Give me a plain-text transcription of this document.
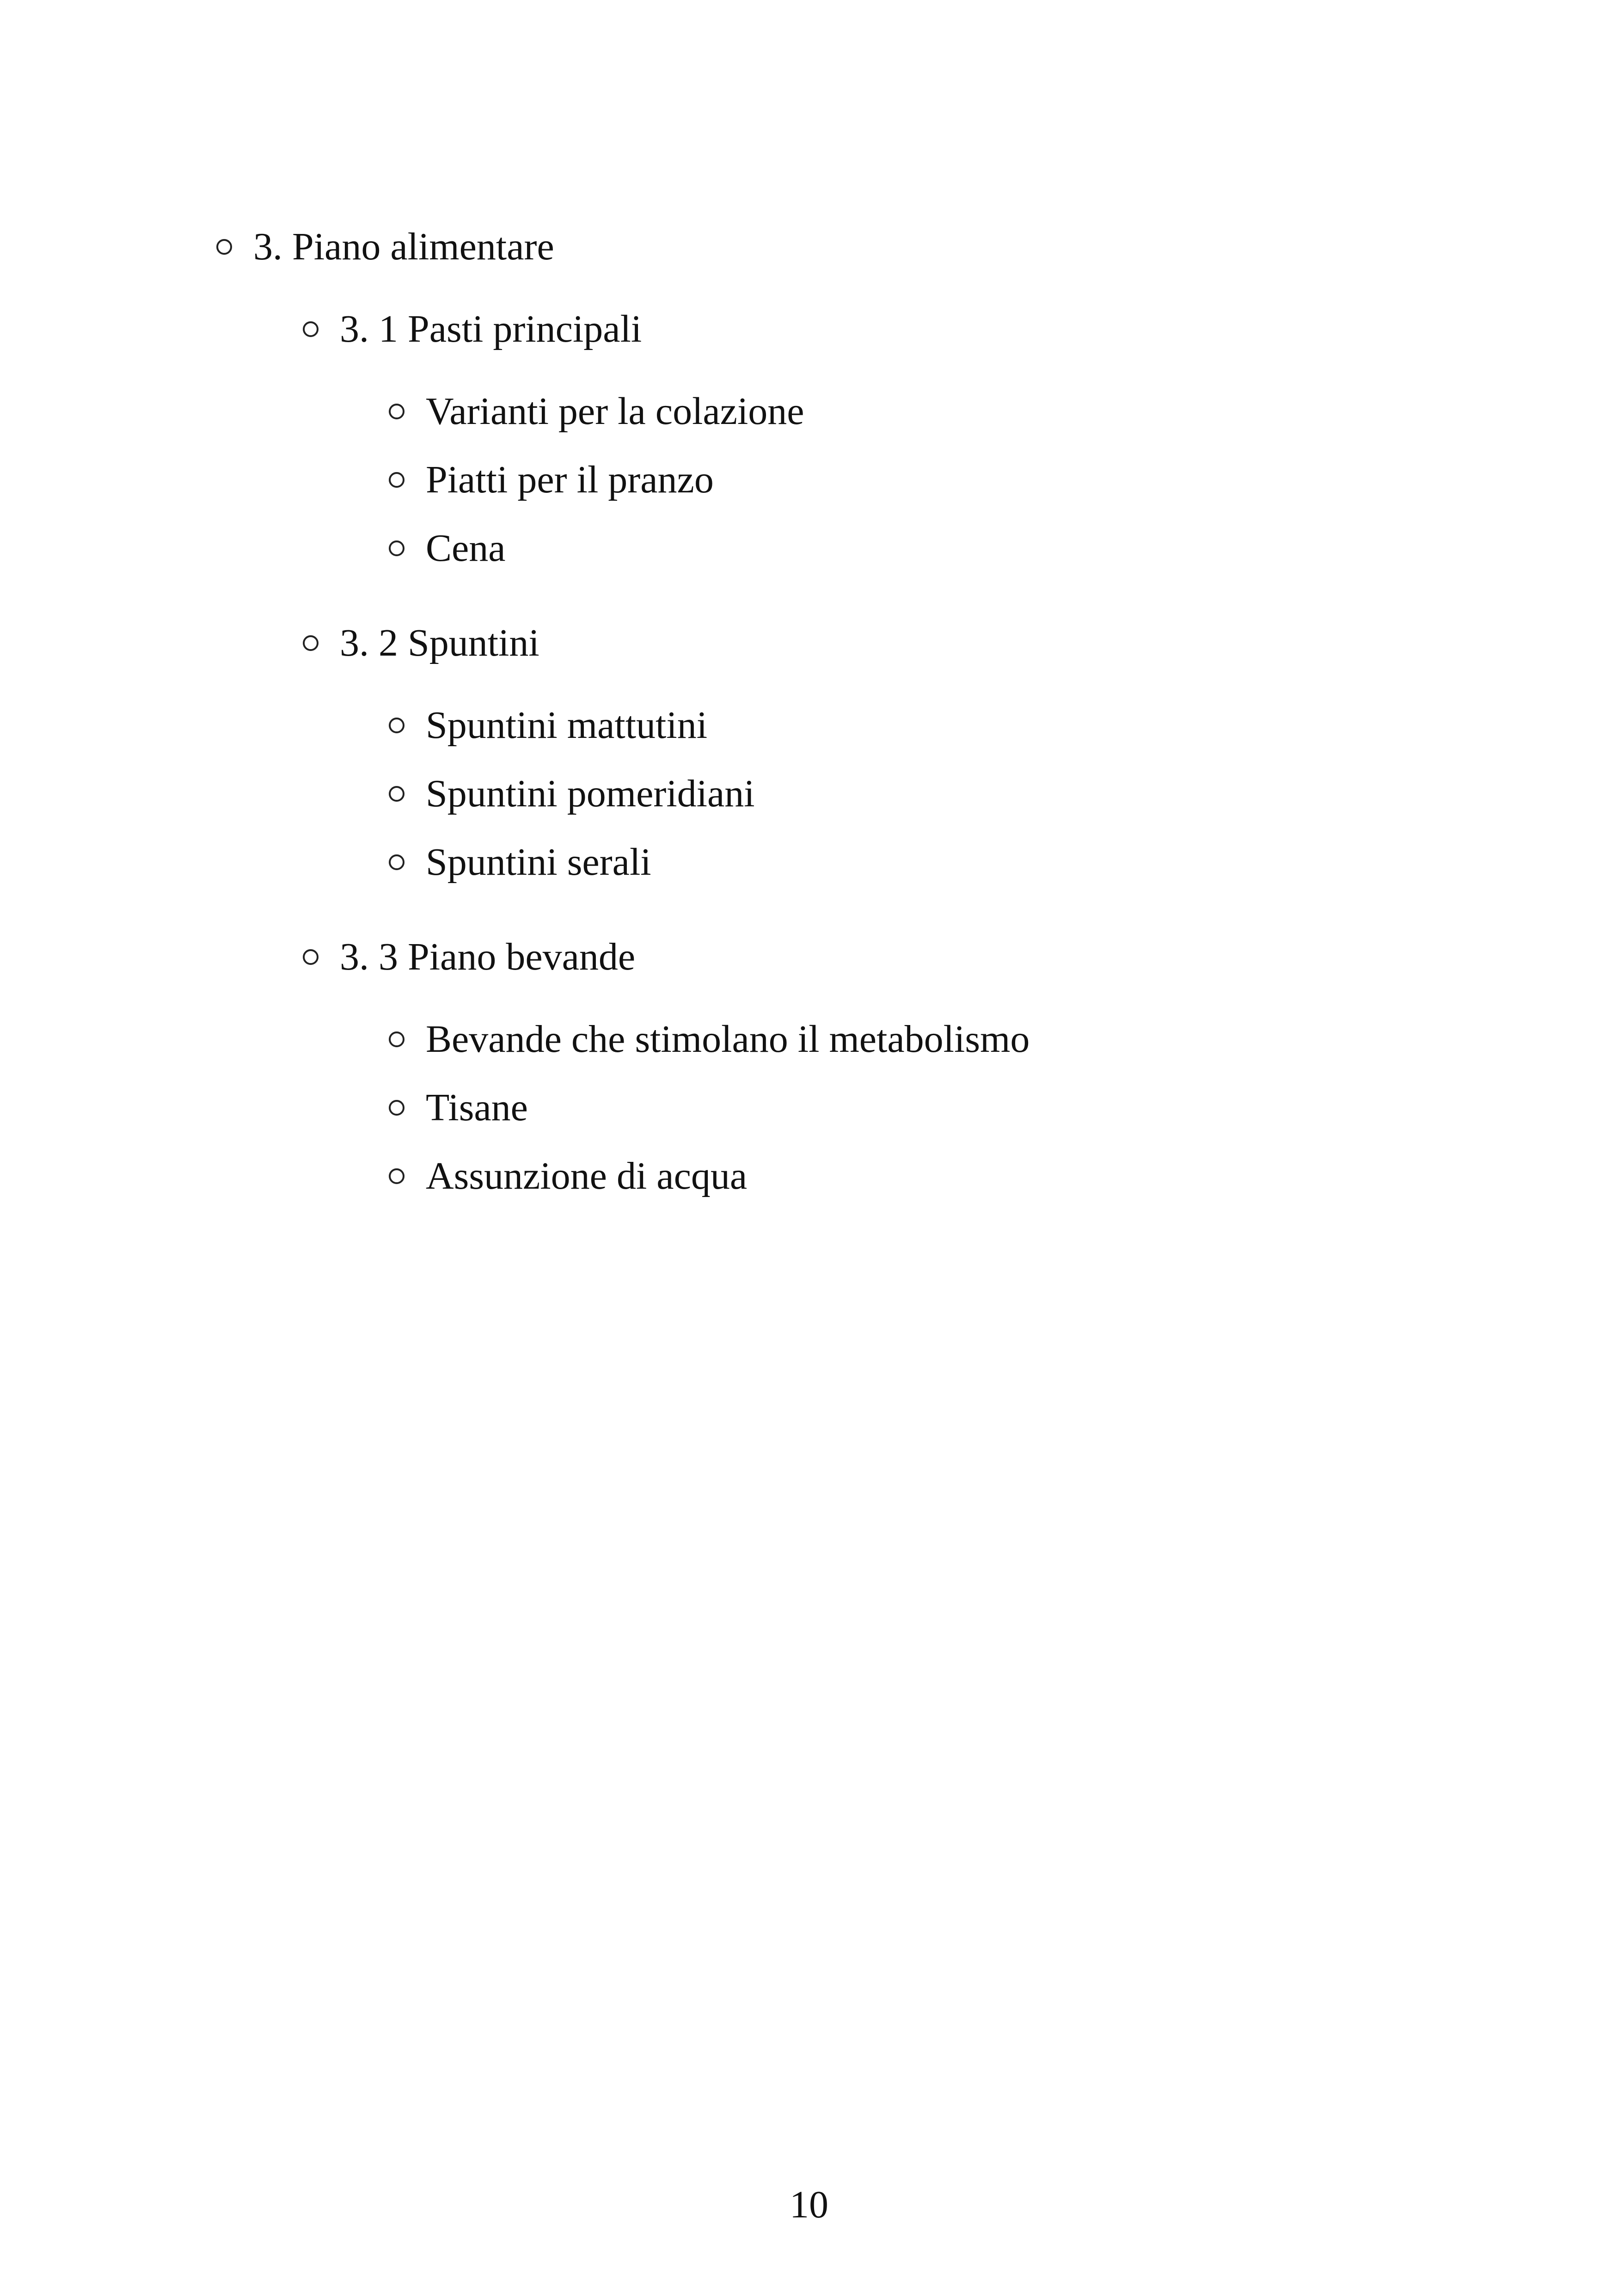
3. Piano alimentare
3. 1 Pasti principali
Varianti per la colazione
Piatti per il pranzo
Cena
3. 2 Spuntini
Spuntini mattutini
Spuntini pomeridiani
Spuntini serali
3. 3 Piano bevande
Bevande che stimolano il metabolismo
Tisane
Assunzione di acqua
10
